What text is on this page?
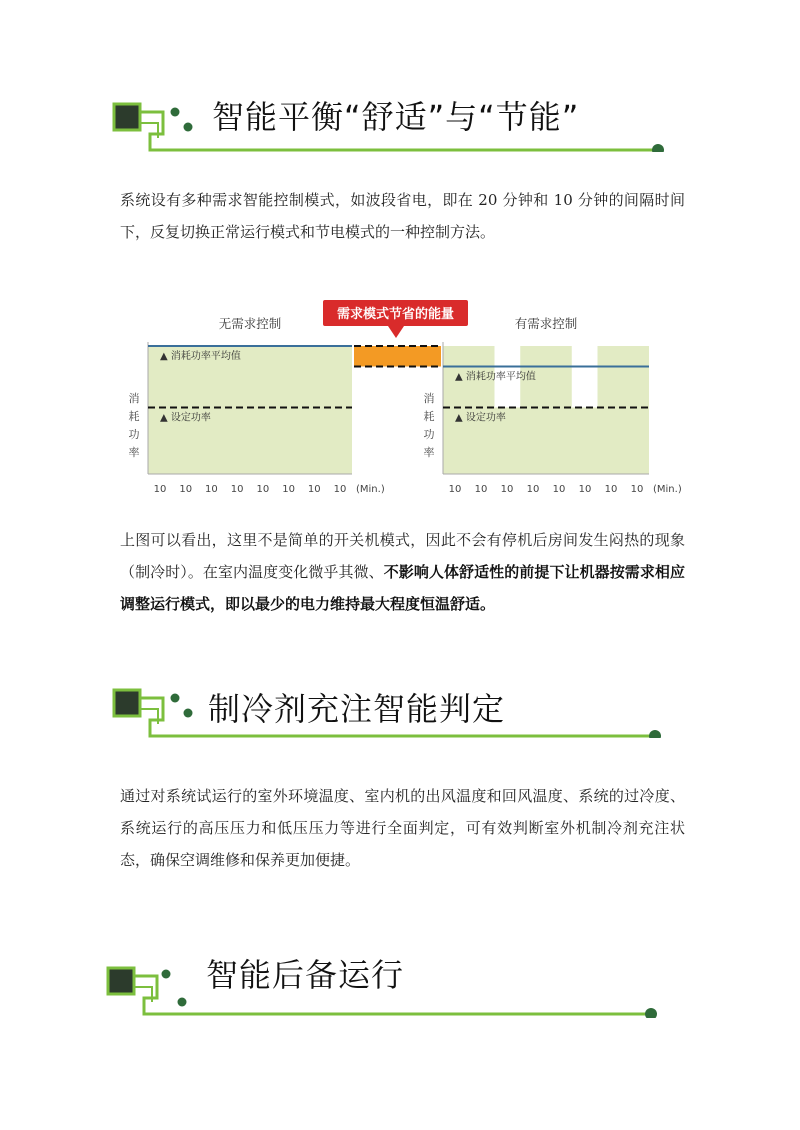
智能平衡“舒适”与“节能”
系统设有多种需求智能控制模式，如波段省电，即在 20 分钟和 10 分钟的间隔时间下，反复切换正常运行模式和节电模式的一种控制方法。
消
耗
功
率
消
耗
功
率
▲ 消耗功率平均值
▲ 设定功率
无需求控制
10 10 10 10 10 10 10 10 (Min.)
▲ 消耗功率平均值
▲ 设定功率
有需求控制
10 10 10 10 10 10 10 10 (Min.)
需求模式节省的能量
上图可以看出，这里不是简单的开关机模式，因此不会有停机后房间发生闷热的现象（制冷时）。在室内温度变化微乎其微、不影响人体舒适性的前提下让机器按需求相应调整运行模式，即以最少的电力维持最大程度恒温舒适。
制冷剂充注智能判定
通过对系统试运行的室外环境温度、室内机的出风温度和回风温度、系统的过冷度、系统运行的高压压力和低压压力等进行全面判定，可有效判断室外机制冷剂充注状态，确保空调维修和保养更加便捷。
智能后备运行
